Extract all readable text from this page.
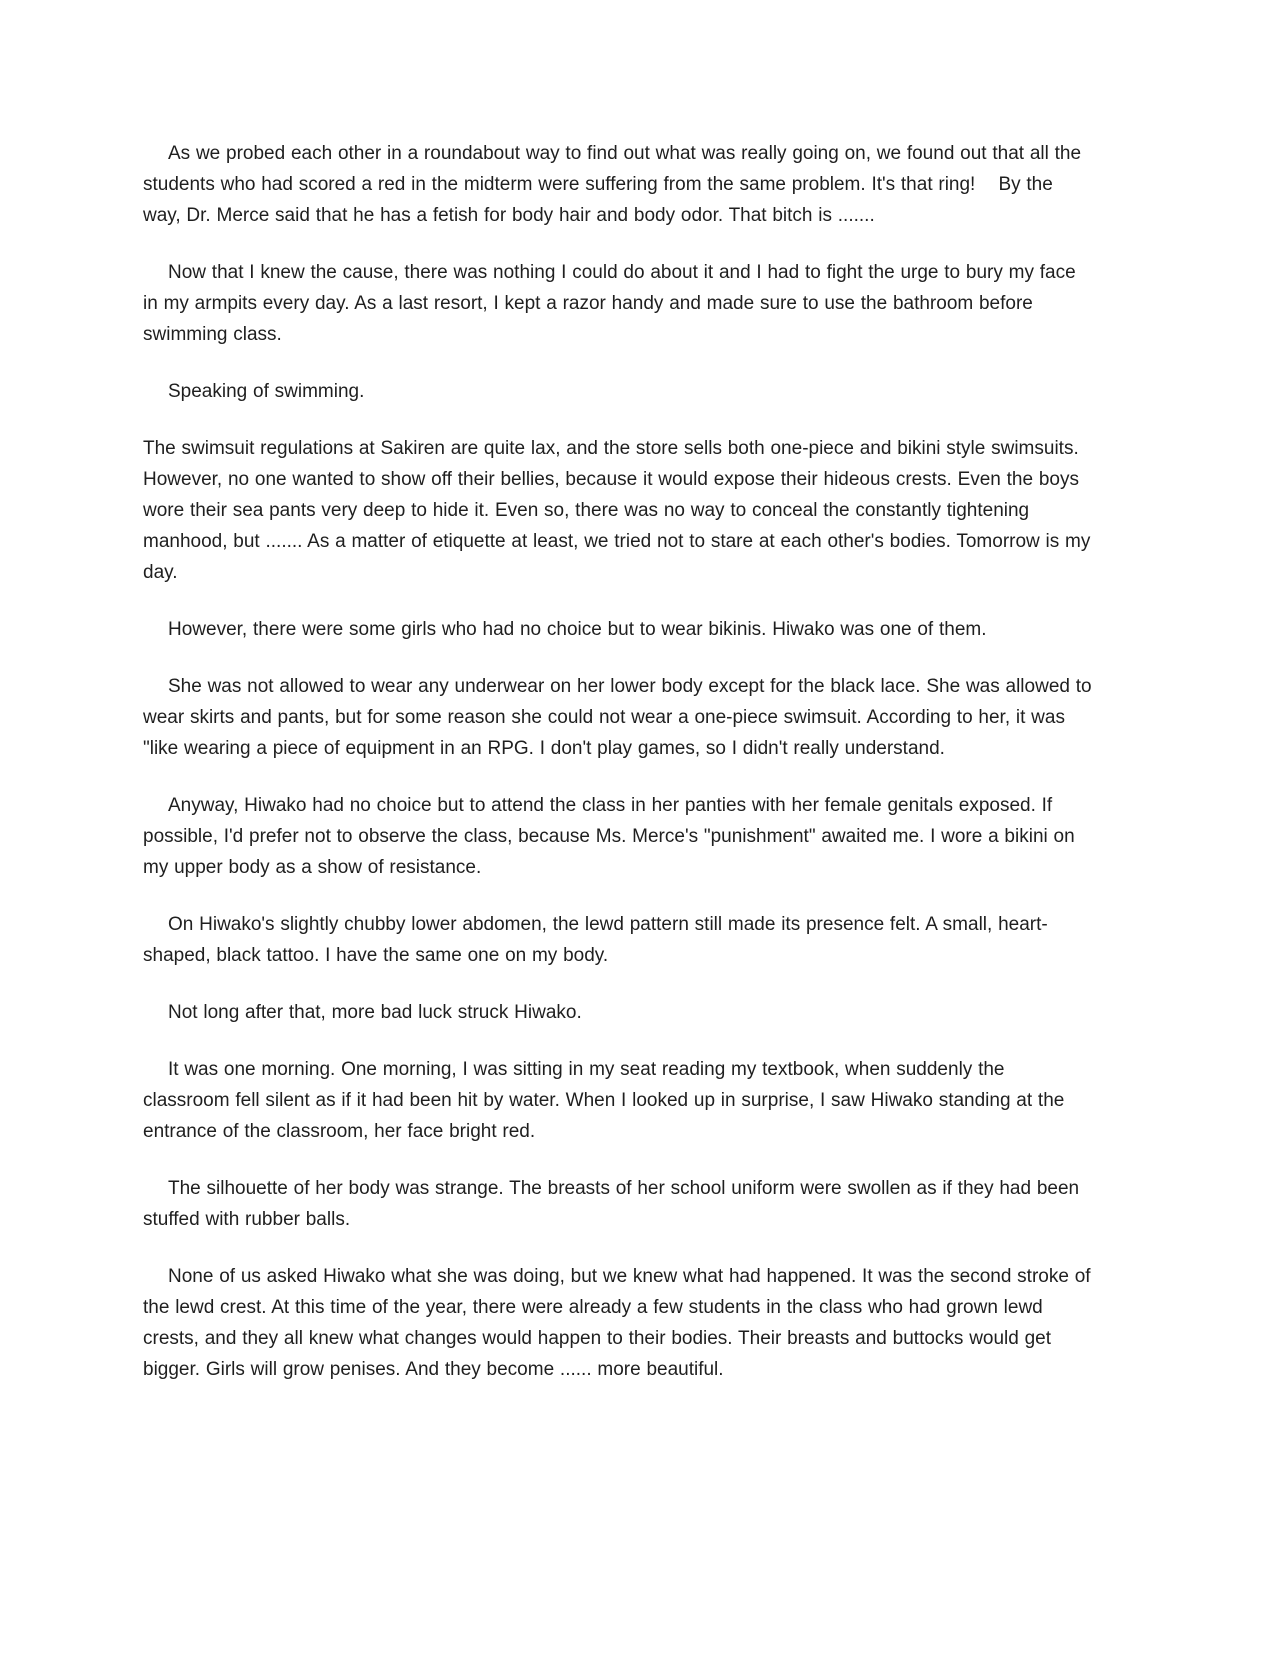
As we probed each other in a roundabout way to find out what was really going on, we found out that all the students who had scored a red in the midterm were suffering from the same problem. It's that ring!    By the way, Dr. Merce said that he has a fetish for body hair and body odor. That bitch is .......

Now that I knew the cause, there was nothing I could do about it and I had to fight the urge to bury my face in my armpits every day. As a last resort, I kept a razor handy and made sure to use the bathroom before swimming class.

Speaking of swimming.

The swimsuit regulations at Sakiren are quite lax, and the store sells both one-piece and bikini style swimsuits. However, no one wanted to show off their bellies, because it would expose their hideous crests. Even the boys wore their sea pants very deep to hide it. Even so, there was no way to conceal the constantly tightening manhood, but ....... As a matter of etiquette at least, we tried not to stare at each other's bodies. Tomorrow is my day.

However, there were some girls who had no choice but to wear bikinis. Hiwako was one of them.

She was not allowed to wear any underwear on her lower body except for the black lace. She was allowed to wear skirts and pants, but for some reason she could not wear a one-piece swimsuit. According to her, it was "like wearing a piece of equipment in an RPG. I don't play games, so I didn't really understand.

Anyway, Hiwako had no choice but to attend the class in her panties with her female genitals exposed. If possible, I'd prefer not to observe the class, because Ms. Merce's "punishment" awaited me. I wore a bikini on my upper body as a show of resistance.

On Hiwako's slightly chubby lower abdomen, the lewd pattern still made its presence felt. A small, heart-shaped, black tattoo. I have the same one on my body.

Not long after that, more bad luck struck Hiwako.

It was one morning. One morning, I was sitting in my seat reading my textbook, when suddenly the classroom fell silent as if it had been hit by water. When I looked up in surprise, I saw Hiwako standing at the entrance of the classroom, her face bright red.

The silhouette of her body was strange. The breasts of her school uniform were swollen as if they had been stuffed with rubber balls.

None of us asked Hiwako what she was doing, but we knew what had happened. It was the second stroke of the lewd crest. At this time of the year, there were already a few students in the class who had grown lewd crests, and they all knew what changes would happen to their bodies. Their breasts and buttocks would get bigger. Girls will grow penises. And they become ...... more beautiful.
